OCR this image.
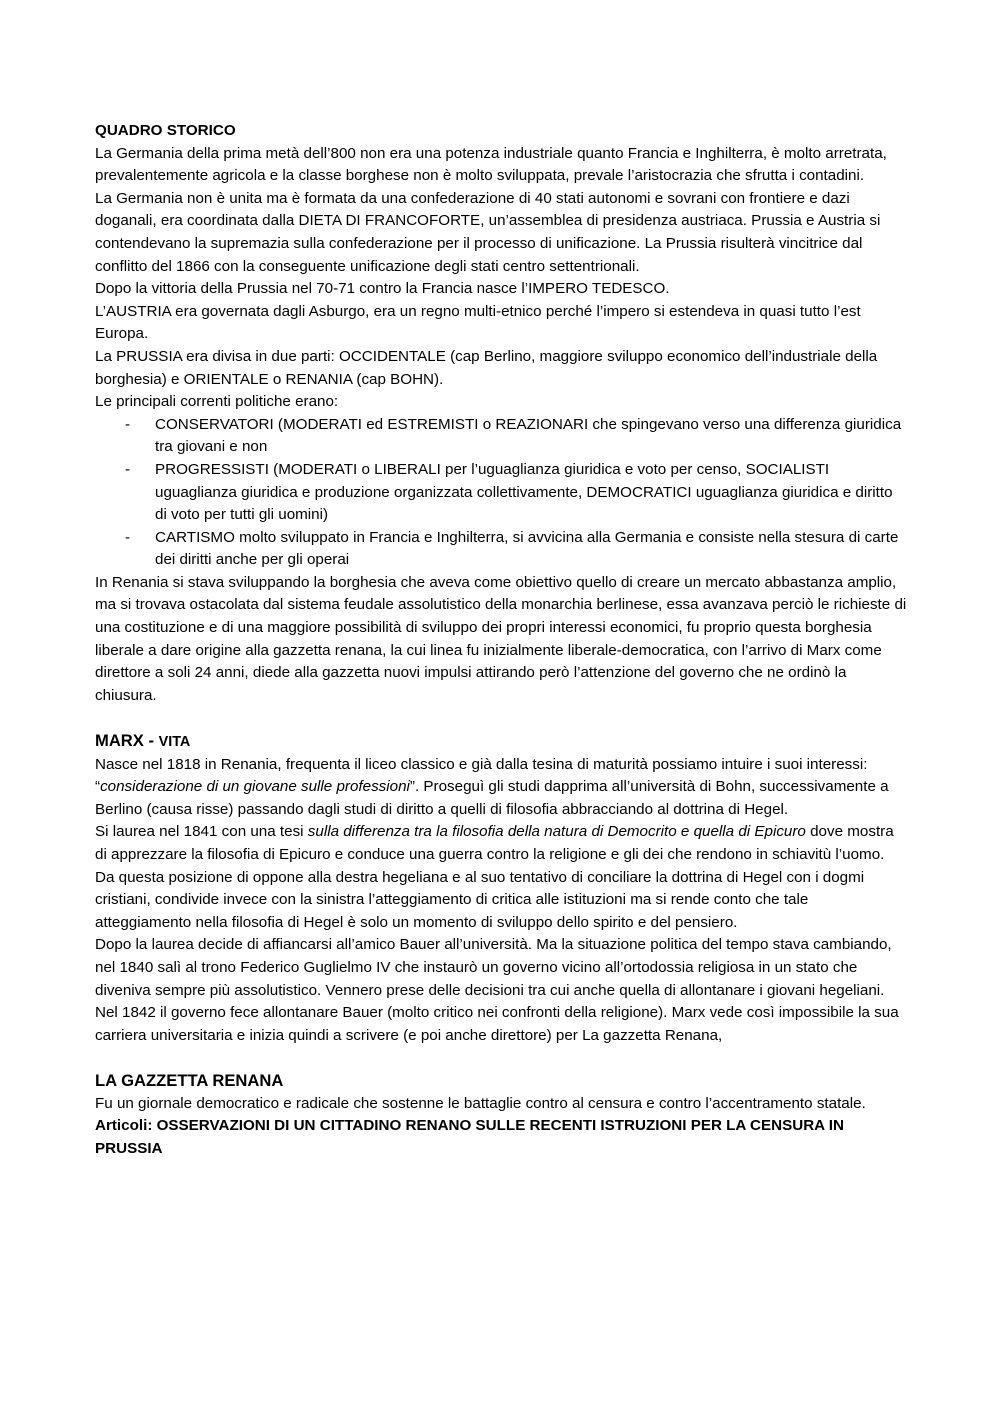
QUADRO STORICO

La Germania della prima metà dell’800 non era una potenza industriale quanto Francia e Inghilterra, è molto arretrata, prevalentemente agricola e la classe borghese non è molto sviluppata, prevale l’aristocrazia che sfrutta i contadini.

La Germania non è unita ma è formata da una confederazione di 40 stati autonomi e sovrani con frontiere e dazi doganali, era coordinata dalla DIETA DI FRANCOFORTE, un’assemblea di presidenza austriaca. Prussia e Austria si contendevano la supremazia sulla confederazione per il processo di unificazione. La Prussia risulterà vincitrice dal conflitto del 1866 con la conseguente unificazione degli stati centro settentrionali.

Dopo la vittoria della Prussia nel 70-71 contro la Francia nasce l’IMPERO TEDESCO.

L’AUSTRIA era governata dagli Asburgo, era un regno multi-etnico perché l’impero si estendeva in quasi tutto l’est Europa.

La PRUSSIA era divisa in due parti: OCCIDENTALE (cap Berlino, maggiore sviluppo economico dell’industriale della borghesia) e ORIENTALE o RENANIA (cap BOHN).

Le principali correnti politiche erano:

- CONSERVATORI (MODERATI ed ESTREMISTI o REAZIONARI che spingevano verso una differenza giuridica tra giovani e non
- PROGRESSISTI (MODERATI o LIBERALI per l’uguaglianza giuridica e voto per censo, SOCIALISTI uguaglianza giuridica e produzione organizzata collettivamente, DEMOCRATICI uguaglianza giuridica e diritto di voto per tutti gli uomini)
- CARTISMO molto sviluppato in Francia e Inghilterra, si avvicina alla Germania e consiste nella stesura di carte dei diritti anche per gli operai

In Renania si stava sviluppando la borghesia che aveva come obiettivo quello di creare un mercato abbastanza amplio, ma si trovava ostacolata dal sistema feudale assolutistico della monarchia berlinese, essa avanzava perciò le richieste di una costituzione e di una maggiore possibilità di sviluppo dei propri interessi economici, fu proprio questa borghesia liberale a dare origine alla gazzetta renana, la cui linea fu inizialmente liberale-democratica, con l’arrivo di Marx come direttore a soli 24 anni, diede alla gazzetta nuovi impulsi attirando però l’attenzione del governo che ne ordinò la chiusura.

MARX - VITA

Nasce nel 1818 in Renania, frequenta il liceo classico e già dalla tesina di maturità possiamo intuire i suoi interessi: “considerazione di un giovane sulle professioni”. Proseguì gli studi dapprima all’università di Bohn, successivamente a Berlino (causa risse) passando dagli studi di diritto a quelli di filosofia abbracciando al dottrina di Hegel.

Si laurea nel 1841 con una tesi sulla differenza tra la filosofia della natura di Democrito e quella di Epicuro dove mostra di apprezzare la filosofia di Epicuro e conduce una guerra contro la religione e gli dei che rendono in schiavitù l’uomo. Da questa posizione di oppone alla destra hegeliana e al suo tentativo di conciliare la dottrina di Hegel con i dogmi cristiani, condivide invece con la sinistra l’atteggiamento di critica alle istituzioni ma si rende conto che tale atteggiamento nella filosofia di Hegel è solo un momento di sviluppo dello spirito e del pensiero.

Dopo la laurea decide di affiancarsi all’amico Bauer all’università. Ma la situazione politica del tempo stava cambiando, nel 1840 salì al trono Federico Guglielmo IV che instaurò un governo vicino all’ortodossia religiosa in un stato che diveniva sempre più assolutistico. Vennero prese delle decisioni tra cui anche quella di allontanare i giovani hegeliani. Nel 1842 il governo fece allontanare Bauer (molto critico nei confronti della religione). Marx vede così impossibile la sua carriera universitaria e inizia quindi a scrivere (e poi anche direttore) per La gazzetta Renana,

LA GAZZETTA RENANA

Fu un giornale democratico e radicale che sostenne le battaglie contro al censura e contro l’accentramento statale.

Articoli: OSSERVAZIONI DI UN CITTADINO RENANO SULLE RECENTI ISTRUZIONI PER LA CENSURA IN PRUSSIA
